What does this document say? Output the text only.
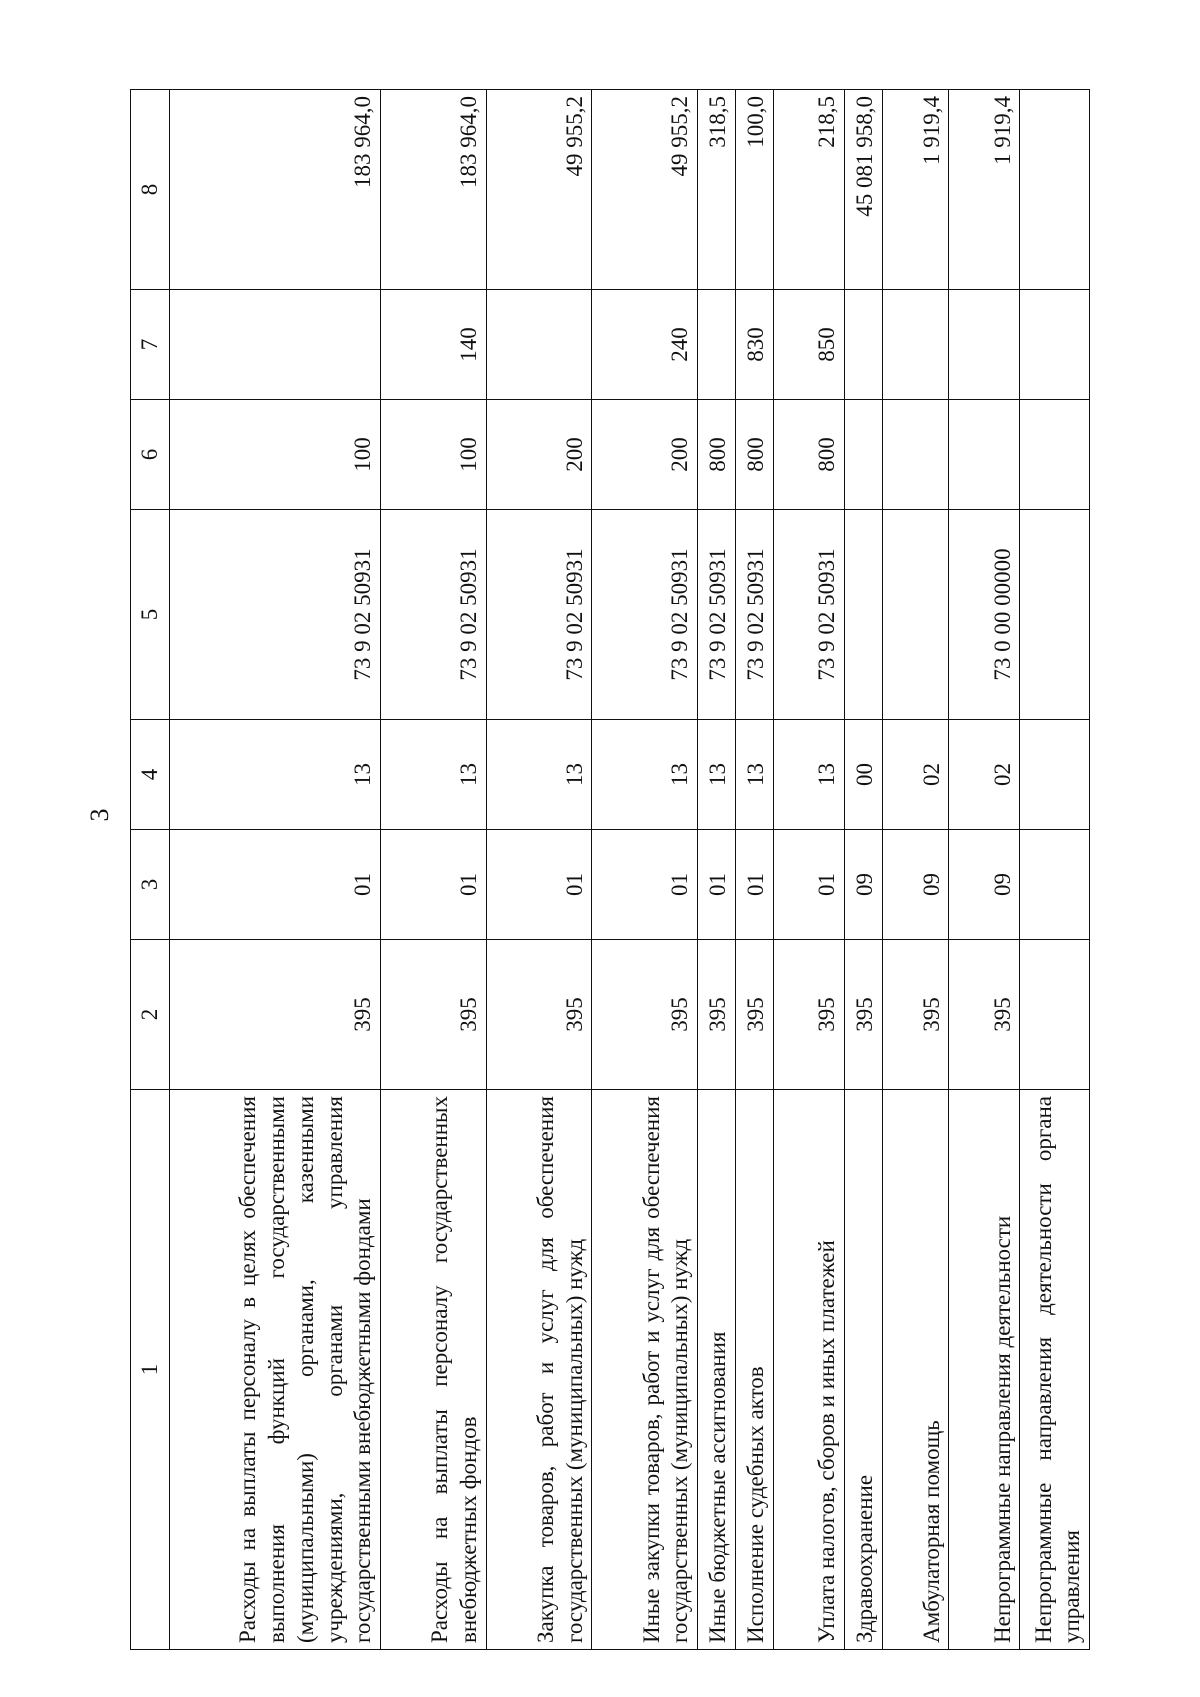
3
1	2	3	4	5	6	7	8
Расходы на выплаты персоналу в целях обеспечения выполнения функций государственными (муниципальными) органами, казенными учреждениями, органами управления государственными внебюджетными фондами	395	01	13	73 9 02 50931	100		183 964,0
Расходы на выплаты персоналу государственных внебюджетных фондов	395	01	13	73 9 02 50931	100	140	183 964,0
Закупка товаров, работ и услуг для обеспечения государственных (муниципальных) нужд	395	01	13	73 9 02 50931	200		49 955,2
Иные закупки товаров, работ и услуг для обеспечения государственных (муниципальных) нужд	395	01	13	73 9 02 50931	200	240	49 955,2
Иные бюджетные ассигнования	395	01	13	73 9 02 50931	800		318,5
Исполнение судебных актов	395	01	13	73 9 02 50931	800	830	100,0
Уплата налогов, сборов и иных платежей	395	01	13	73 9 02 50931	800	850	218,5
Здравоохранение	395	09	00				45 081 958,0
Амбулаторная помощь	395	09	02				1 919,4
Непрограммные направления деятельности	395	09	02	73 0 00 00000			1 919,4
Непрограммные направления деятельности органа управления							
